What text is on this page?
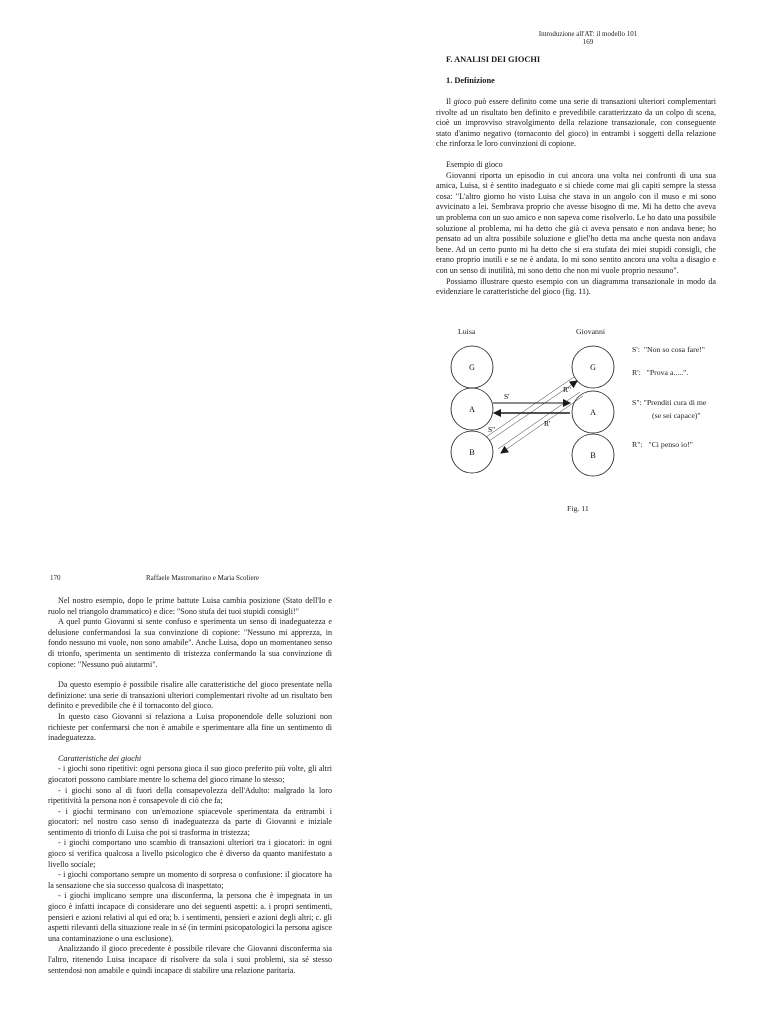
Introduzione all'AT: il modello 101
169
F. ANALISI DEI GIOCHI
1. Definizione

Il gioco può essere definito come una serie di transazioni ulteriori complementari rivolte ad un risultato ben definito e prevedibile caratterizzato da un colpo di scena, cioè un improvviso stravolgimento della relazione transazionale, con conseguente stato d'animo negativo (tornaconto del gioco) in entrambi i soggetti della relazione che rinforza le loro convinzioni di copione.

Esempio di gioco

Giovanni riporta un episodio in cui ancora una volta nei confronti di una sua amica, Luisa, si è sentito inadeguato e si chiede come mai gli capiti sempre la stessa cosa: "L'altro giorno ho visto Luisa che stava in un angolo con il muso e mi sono avvicinato a lei. Sembrava proprio che avesse bisogno di me. Mi ha detto che aveva un problema con un suo amico e non sapeva come risolverlo. Le ho dato una possibile soluzione al problema, mi ha detto che già ci aveva pensato e non andava bene; ho pensato ad un altra possibile soluzione e gliel'ho detta ma anche questa non andava bene. Ad un certo punto mi ha detto che si era stufata dei miei stupidi consigli, che erano proprio inutili e se ne è andata. Io mi sono sentito ancora una volta a disagio e con un senso di inutilità, mi sono detto che non mi vuole proprio nessuno".

Possiamo illustrare questo esempio con un diagramma transazionale in modo da evidenziare le caratteristiche del gioco (fig. 11).

Luisa	Giovanni
G
A
B
G
A
B
S'
R'
R"
S"
S': "Non so cosa fare!"
R': "Prova a.....".
S": "Prenditi cura di me
(se sei capace)"
R": "Ci penso io!"
Fig. 11
170	Raffaele Mastromarino e Maria Scoliere

Nel nostro esempio, dopo le prime battute Luisa cambia posizione (Stato dell'Io e ruolo nel triangolo drammatico) e dice: "Sono stufa dei tuoi stupidi consigli!"

A quel punto Giovanni si sente confuso e sperimenta un senso di inadeguatezza e delusione confermandosi la sua convinzione di copione: "Nessuno mi apprezza, in fondo nessuno mi vuole, non sono amabile". Anche Luisa, dopo un momentaneo senso di trionfo, sperimenta un sentimento di tristezza confermando la sua convinzione di copione: "Nessuno può aiutarmi".

Da questo esempio è possibile risalire alle caratteristiche del gioco presentate nella definizione: una serie di transazioni ulteriori complementari rivolte ad un risultato ben definito e prevedibile che è il tornaconto del gioco.

In questo caso Giovanni si relaziona a Luisa proponendole delle soluzioni non richieste per confermarsi che non è amabile e sperimentare alla fine un sentimento di inadeguatezza.

Caratteristiche dei giochi

- i giochi sono ripetitivi: ogni persona gioca il suo gioco preferito più volte, gli altri giocatori possono cambiare mentre lo schema del gioco rimane lo stesso;

- i giochi sono al di fuori della consapevolezza dell'Adulto: malgrado la loro ripetitività la persona non è consapevole di ciò che fa;

- i giochi terminano con un'emozione spiacevole sperimentata da entrambi i giocatori: nel nostro caso senso di inadeguatezza da parte di Giovanni e iniziale sentimento di trionfo di Luisa che poi si trasforma in tristezza;

- i giochi comportano uno scambio di transazioni ulteriori tra i giocatori: in ogni gioco si verifica qualcosa a livello psicologico che è diverso da quanto manifestato a livello sociale;

- i giochi comportano sempre un momento di sorpresa o confusione: il giocatore ha la sensazione che sia successo qualcosa di inaspettato;

- i giochi implicano sempre una disconferma, la persona che è impegnata in un gioco è infatti incapace di considerare uno dei seguenti aspetti: a. i propri sentimenti, pensieri e azioni relativi al qui ed ora; b. i sentimenti, pensieri e azioni degli altri; c. gli aspetti rilevanti della situazione reale in sé (in termini psicopatologici la persona agisce una contaminazione o una esclusione).

Analizzando il gioco precedente è possibile rilevare che Giovanni disconferma sia l'altro, ritenendo Luisa incapace di risolvere da sola i suoi problemi, sia sé stesso sentendosi non amabile e quindi incapace di stabilire una relazione paritaria.
